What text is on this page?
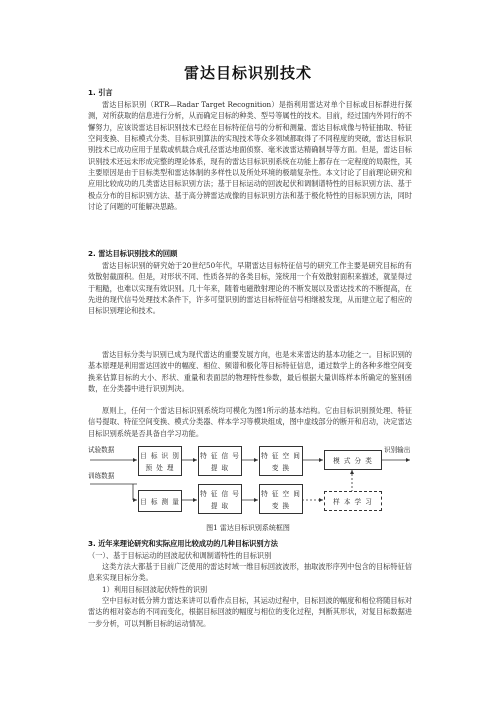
雷达目标识别技术
1. 引言
雷达目标识别（RTR—Radar Target Recognition）是指利用雷达对单个目标或目标群进行探测，对所获取的信息进行分析，从而确定目标的种类、型号等属性的技术。目前，经过国内外同行的不懈努力，应该说雷达目标识别技术已经在目标特征信号的分析和测量、雷达目标成像与特征抽取、特征空间变换、目标模式分类、目标识别算法的实现技术等众多领域都取得了不同程度的突破，雷达目标识别技术已成功应用于星载或机载合成孔径雷达地面侦察、毫米波雷达精确制导等方面。但是，雷达目标识别技术还远未形成完整的理论体系，现有的雷达目标识别系统在功能上都存在一定程度的局限性，其主要原因是由于目标类型和雷达体制的多样性以及所处环境的极端复杂性。本文讨论了目前理论研究和应用比较成功的几类雷达目标识别方法；基于目标运动的回波起伏和调制谱特性的目标识别方法、基于极点分布的目标识别方法、基于高分辨雷达成像的目标识别方法和基于极化特性的目标识别方法，同时讨论了问题的可能解决思路。
2. 雷达目标识别技术的回顾
雷达目标识别的研究始于20世纪50年代，早期雷达目标特征信号的研究工作主要是研究目标的有效散射截面积。但是，对形状不同、性质各异的各类目标，笼统用一个有效散射面积来描述，就显得过于粗糙，也难以实现有效识别。几十年来，随着电磁散射理论的不断发展以及雷达技术的不断提高，在先进的现代信号处理技术条件下，许多可望识别的雷达目标特征信号相继被发现，从而建立起了相应的目标识别理论和技术。
雷达目标分类与识别已成为现代雷达的重要发展方向，也是未来雷达的基本功能之一。目标识别的基本原理是利用雷达回波中的幅度、相位、频谱和极化等目标特征信息，通过数学上的各种多维空间变换来估算目标的大小、形状、重量和表面层的物理特性参数，最后根据大量训练样本所确定的鉴别函数，在分类器中进行识别判决。
原则上，任何一个雷达目标识别系统均可模化为图1所示的基本结构。它由目标识别预处理、特征信号提取、特征空间变换、模式分类器、样本学习等模块组成，图中虚线部分的断开和启动，决定雷达目标识别系统是否具备自学习功能。
试验数据
训练数据
识别输出
目 标 识 别
预 处 理
特 征 信 号
提 取
特 征 空 间
变 换
模 式 分 类
目 标 测 量
特 征 信 号
提 取
特 征 空 间
变 换	样 本 学 习
图1 雷达目标识别系统框图
3. 近年来理论研究和实际应用比较成功的几种目标识别方法
（一）、基于目标运动的回波起伏和调制谱特性的目标识别
这类方法大都基于目前广泛使用的雷达时域一维目标回波波形，抽取波形序列中包含的目标特征信息来实现目标分类。
1）利用目标回波起伏特性的识别
空中目标对低分辨力雷达来讲可以看作点目标，其运动过程中，目标回波的幅度和相位将随目标对雷达的相对姿态的不同而变化，根据目标回波的幅度与相位的变化过程，判断其形状，对复目标数据进一步分析，可以判断目标的运动情况。
